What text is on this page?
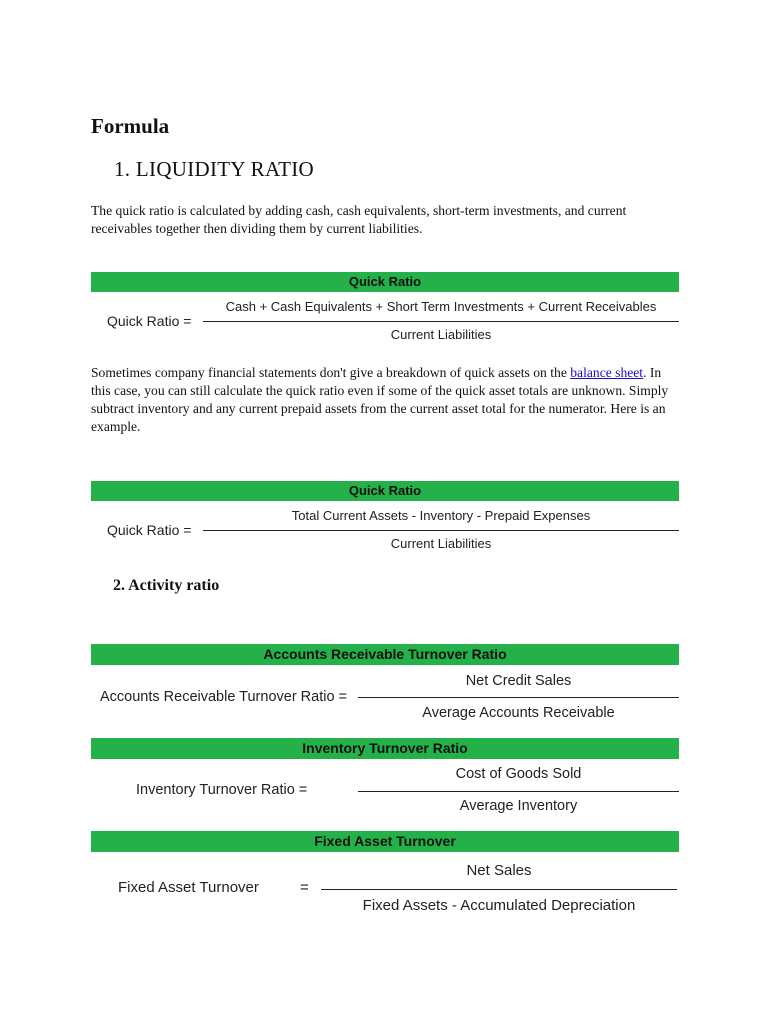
Formula
1. LIQUIDITY RATIO
The quick ratio is calculated by adding cash, cash equivalents, short-term investments, and current receivables together then dividing them by current liabilities.
Quick Ratio
Quick Ratio =
Cash + Cash Equivalents + Short Term Investments + Current Receivables
Current Liabilities
Sometimes company financial statements don't give a breakdown of quick assets on the balance sheet. In this case, you can still calculate the quick ratio even if some of the quick asset totals are unknown. Simply subtract inventory and any current prepaid assets from the current asset total for the numerator. Here is an example.
Quick Ratio
Quick Ratio =
Total Current Assets - Inventory - Prepaid Expenses
Current Liabilities
2. Activity ratio
Accounts Receivable Turnover Ratio
Accounts Receivable Turnover Ratio =
Net Credit Sales
Average Accounts Receivable
Inventory Turnover Ratio
Inventory Turnover Ratio =
Cost of Goods Sold
Average Inventory
Fixed Asset Turnover
Fixed Asset Turnover	=
Net Sales
Fixed Assets - Accumulated Depreciation
